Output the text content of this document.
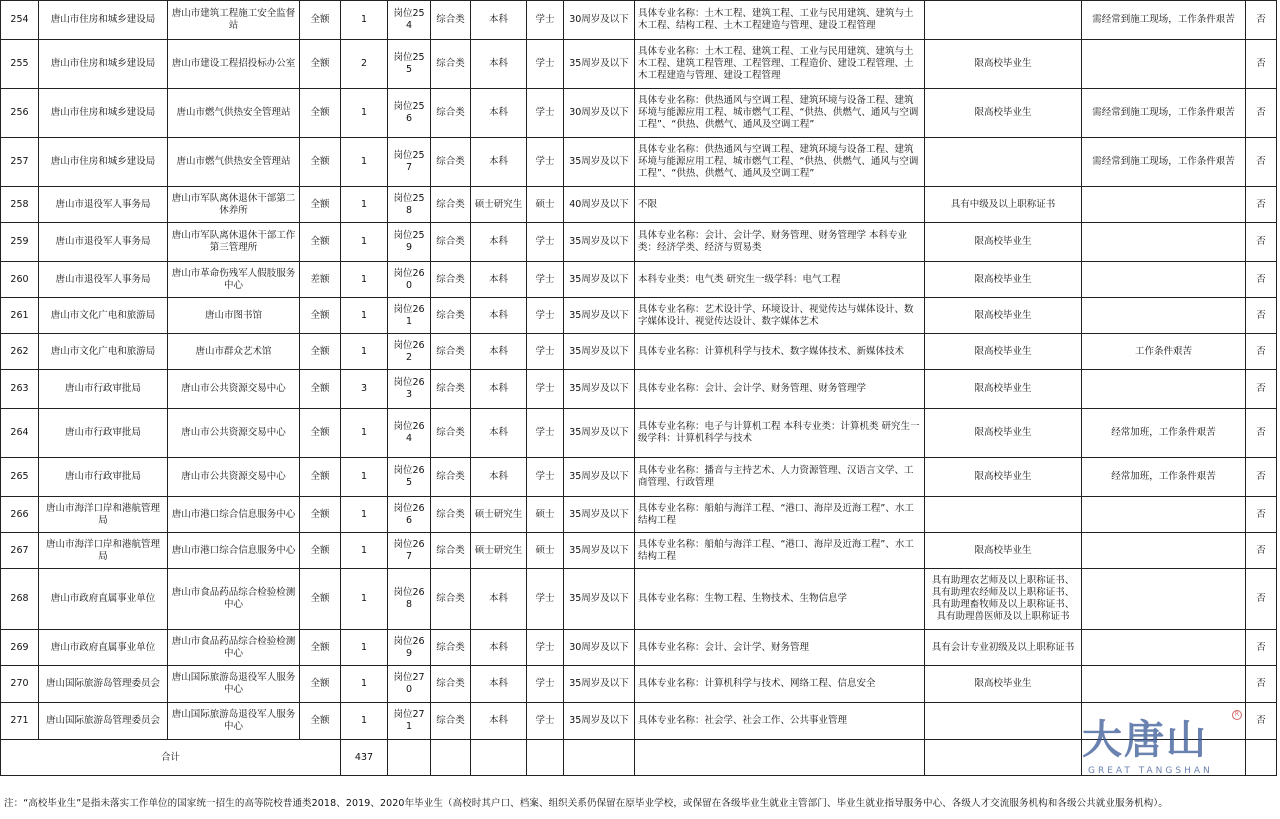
254	唐山市住房和城乡建设局	唐山市建筑工程施工安全监督站	全额	1	岗位254	综合类	本科	学士	30周岁及以下	具体专业名称：土木工程、建筑工程、工业与民用建筑、建筑与土木工程、结构工程、土木工程建造与管理、建设工程管理		需经常到施工现场，工作条件艰苦	否
255	唐山市住房和城乡建设局	唐山市建设工程招投标办公室	全额	2	岗位255	综合类	本科	学士	35周岁及以下	具体专业名称：土木工程、建筑工程、工业与民用建筑、建筑与土木工程、建筑工程管理、工程管理、工程造价、建设工程管理、土木工程建造与管理、建设工程管理	限高校毕业生		否
256	唐山市住房和城乡建设局	唐山市燃气供热安全管理站	全额	1	岗位256	综合类	本科	学士	30周岁及以下	具体专业名称：供热通风与空调工程、建筑环境与设备工程、建筑环境与能源应用工程、城市燃气工程、“供热、供燃气、通风与空调工程”、“供热、供燃气、通风及空调工程”	限高校毕业生	需经常到施工现场，工作条件艰苦	否
257	唐山市住房和城乡建设局	唐山市燃气供热安全管理站	全额	1	岗位257	综合类	本科	学士	35周岁及以下	具体专业名称：供热通风与空调工程、建筑环境与设备工程、建筑环境与能源应用工程、城市燃气工程、“供热、供燃气、通风与空调工程”、“供热、供燃气、通风及空调工程”		需经常到施工现场，工作条件艰苦	否
258	唐山市退役军人事务局	唐山市军队离休退休干部第二休养所	全额	1	岗位258	综合类	硕士研究生	硕士	40周岁及以下	不限	具有中级及以上职称证书		否
259	唐山市退役军人事务局	唐山市军队离休退休干部工作第三管理所	全额	1	岗位259	综合类	本科	学士	35周岁及以下	具体专业名称：会计、会计学、财务管理、财务管理学 本科专业类：经济学类、经济与贸易类	限高校毕业生		否
260	唐山市退役军人事务局	唐山市革命伤残军人假肢服务中心	差额	1	岗位260	综合类	本科	学士	35周岁及以下	本科专业类：电气类 研究生一级学科：电气工程	限高校毕业生		否
261	唐山市文化广电和旅游局	唐山市图书馆	全额	1	岗位261	综合类	本科	学士	35周岁及以下	具体专业名称：艺术设计学、环境设计、视觉传达与媒体设计、数字媒体设计、视觉传达设计、数字媒体艺术	限高校毕业生		否
262	唐山市文化广电和旅游局	唐山市群众艺术馆	全额	1	岗位262	综合类	本科	学士	35周岁及以下	具体专业名称：计算机科学与技术、数字媒体技术、新媒体技术	限高校毕业生	工作条件艰苦	否
263	唐山市行政审批局	唐山市公共资源交易中心	全额	3	岗位263	综合类	本科	学士	35周岁及以下	具体专业名称：会计、会计学、财务管理、财务管理学	限高校毕业生		否
264	唐山市行政审批局	唐山市公共资源交易中心	全额	1	岗位264	综合类	本科	学士	35周岁及以下	具体专业名称：电子与计算机工程 本科专业类：计算机类 研究生一级学科：计算机科学与技术	限高校毕业生	经常加班，工作条件艰苦	否
265	唐山市行政审批局	唐山市公共资源交易中心	全额	1	岗位265	综合类	本科	学士	35周岁及以下	具体专业名称：播音与主持艺术、人力资源管理、汉语言文学、工商管理、行政管理	限高校毕业生	经常加班，工作条件艰苦	否
266	唐山市海洋口岸和港航管理局	唐山市港口综合信息服务中心	全额	1	岗位266	综合类	硕士研究生	硕士	35周岁及以下	具体专业名称：船舶与海洋工程、“港口、海岸及近海工程”、水工结构工程			否
267	唐山市海洋口岸和港航管理局	唐山市港口综合信息服务中心	全额	1	岗位267	综合类	硕士研究生	硕士	35周岁及以下	具体专业名称：船舶与海洋工程、“港口、海岸及近海工程”、水工结构工程	限高校毕业生		否
268	唐山市政府直属事业单位	唐山市食品药品综合检验检测中心	全额	1	岗位268	综合类	本科	学士	35周岁及以下	具体专业名称：生物工程、生物技术、生物信息学	具有助理农艺师及以上职称证书、具有助理农经师及以上职称证书、具有助理畜牧师及以上职称证书、具有助理兽医师及以上职称证书		否
269	唐山市政府直属事业单位	唐山市食品药品综合检验检测中心	全额	1	岗位269	综合类	本科	学士	30周岁及以下	具体专业名称：会计、会计学、财务管理	具有会计专业初级及以上职称证书		否
270	唐山国际旅游岛管理委员会	唐山国际旅游岛退役军人服务中心	全额	1	岗位270	综合类	本科	学士	35周岁及以下	具体专业名称：计算机科学与技术、网络工程、信息安全	限高校毕业生		否
271	唐山国际旅游岛管理委员会	唐山国际旅游岛退役军人服务中心	全额	1	岗位271	综合类	本科	学士	35周岁及以下	具体专业名称：社会学、社会工作、公共事业管理			否
合计				437									
注：“高校毕业生”是指未落实工作单位的国家统一招生的高等院校普通类2018、2019、2020年毕业生（高校时其户口、档案、组织关系仍保留在原毕业学校，或保留在各级毕业生就业主管部门、毕业生就业指导服务中心、各级人才交流服务机构和各级公共就业服务机构）。
大唐山
GREAT TANGSHAN
R
